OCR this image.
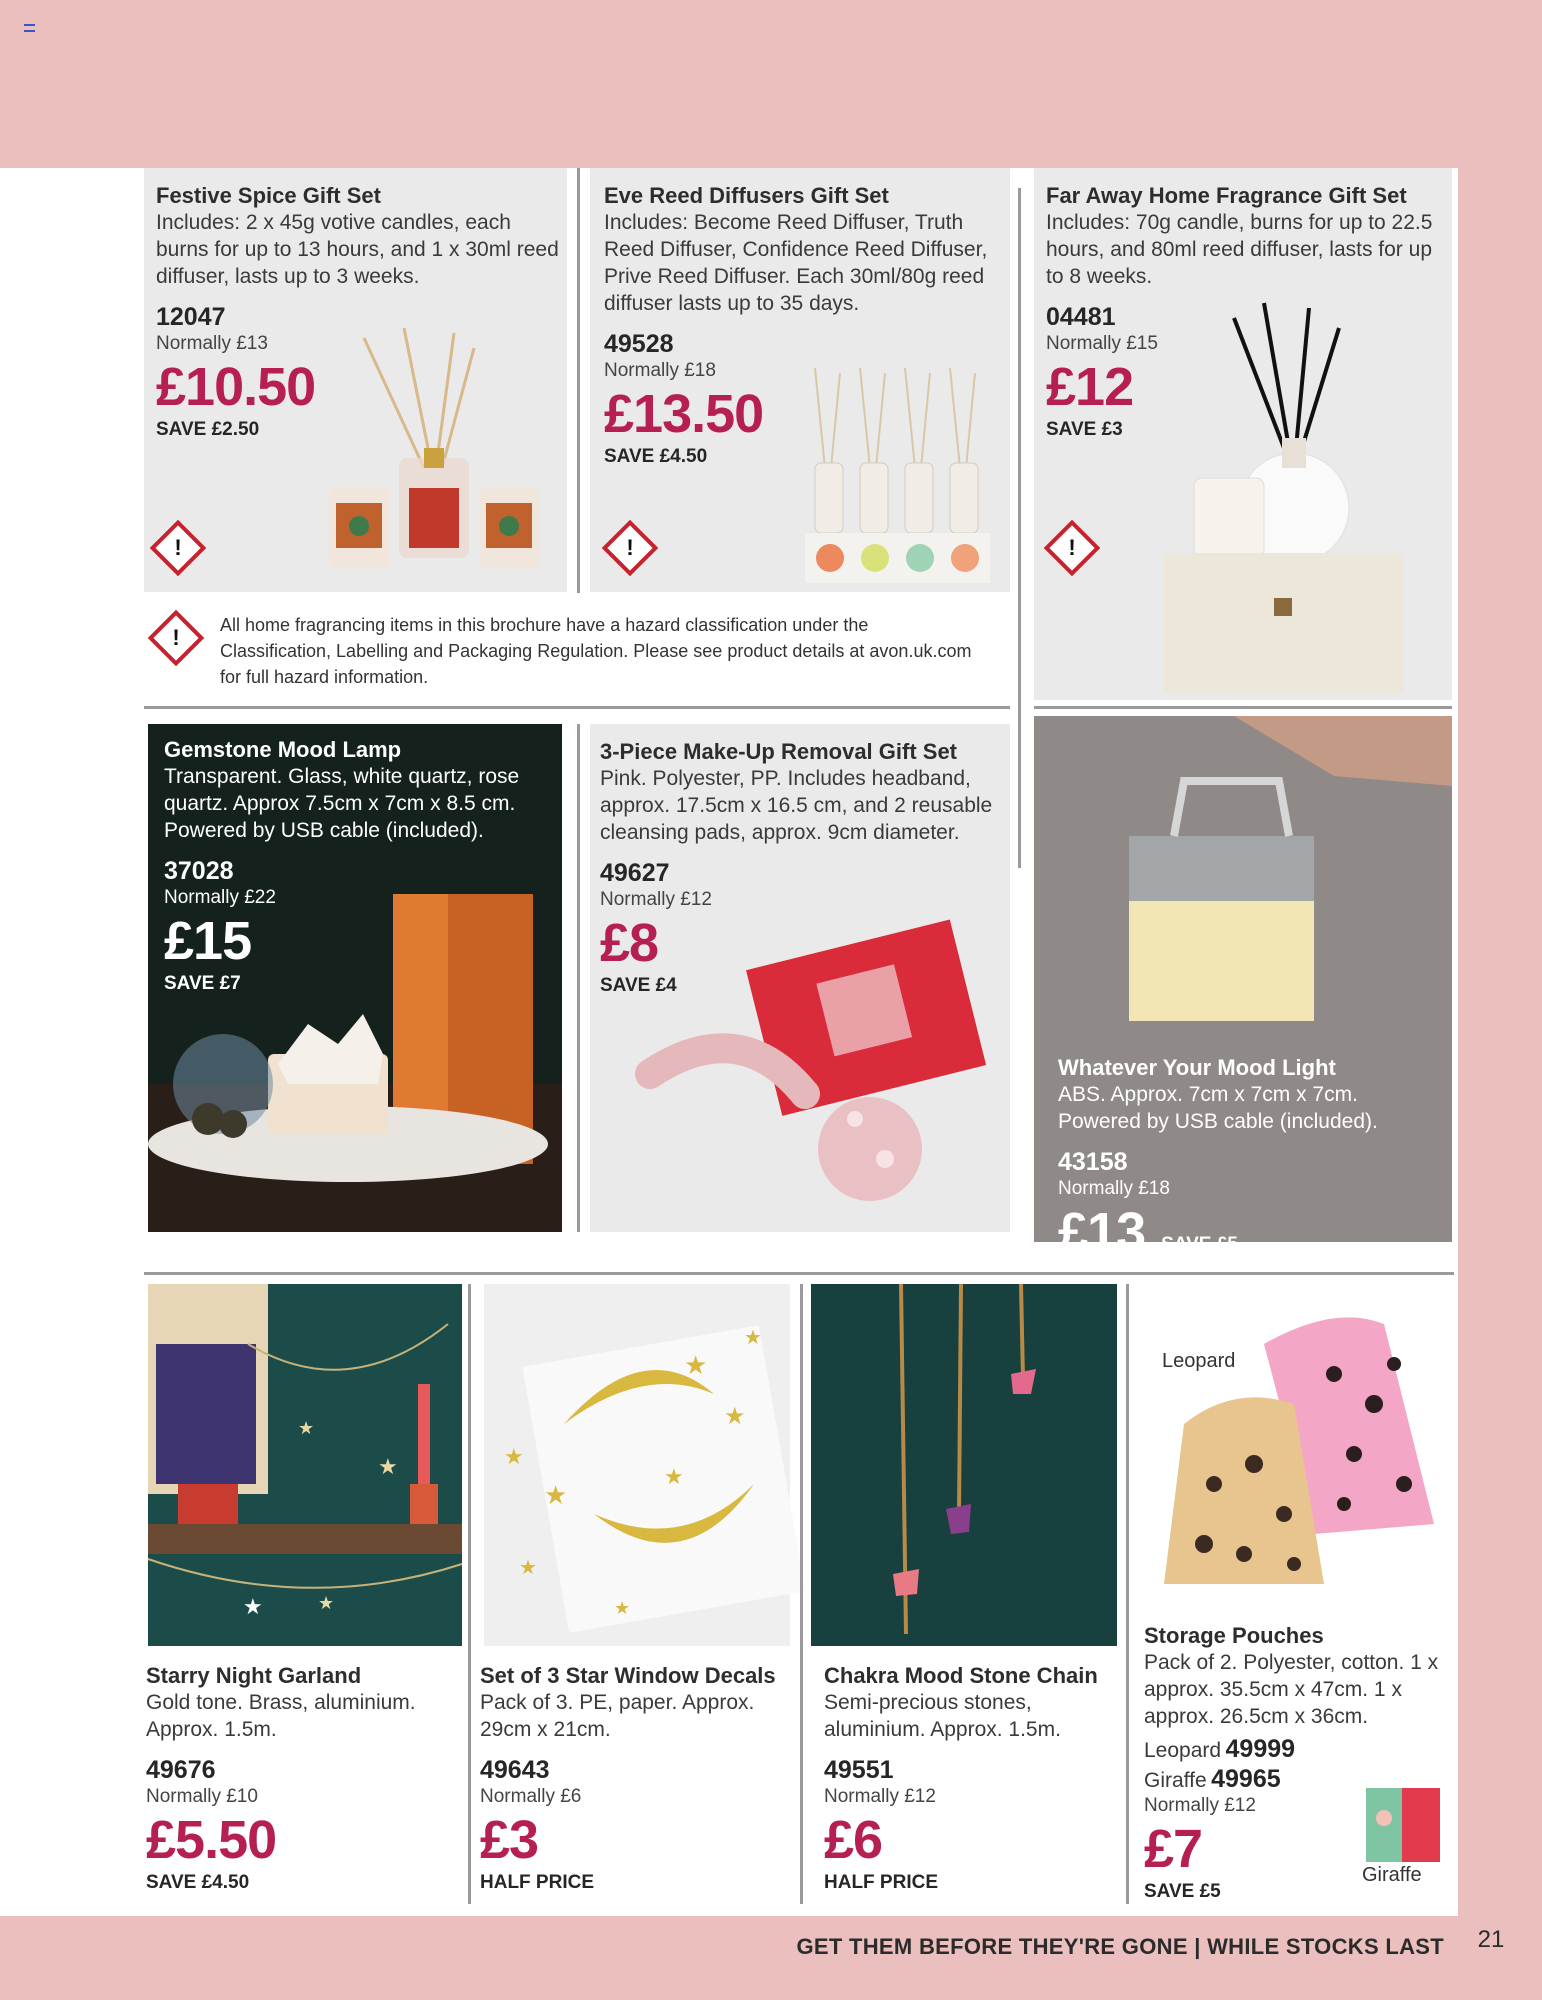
Festive Spice Gift Set
Includes: 2 x 45g votive candles, each burns for up to 13 hours, and 1 x 30ml reed diffuser, lasts up to 3 weeks.
12047
Normally £13
£10.50
SAVE £2.50
!
Eve Reed Diffusers Gift Set
Includes: Become Reed Diffuser, Truth Reed Diffuser, Confidence Reed Diffuser, Prive Reed Diffuser. Each 30ml/80g reed diffuser lasts up to 35 days.
49528
Normally £18
£13.50
SAVE £4.50
!
Far Away Home Fragrance Gift Set
Includes: 70g candle, burns for up to 22.5 hours, and 80ml reed diffuser, lasts for up to 8 weeks.
04481
Normally £15
£12
SAVE £3
!
!	All home fragrancing items in this brochure have a hazard classification under the Classification, Labelling and Packaging Regulation. Please see product details at avon.uk.com for full hazard information.
Gemstone Mood Lamp
Transparent. Glass, white quartz, rose quartz. Approx 7.5cm x 7cm x 8.5 cm. Powered by USB cable (included).
37028
Normally £22
£15
SAVE £7
3-Piece Make-Up Removal Gift Set
Pink. Polyester, PP. Includes headband, approx. 17.5cm x 16.5 cm, and 2 reusable cleansing pads, approx. 9cm diameter.
49627
Normally £12
£8
SAVE £4
Whatever Your Mood Light
ABS. Approx. 7cm x 7cm x 7cm. Powered by USB cable (included).
43158
Normally £18
£13 SAVE £5
★
★
★	★
Starry Night Garland
Gold tone. Brass, aluminium. Approx. 1.5m.
49676
Normally £10
£5.50
SAVE £4.50
★
★
★
★
★
★
★
★
Set of 3 Star Window Decals
Pack of 3. PE, paper. Approx. 29cm x 21cm.
49643
Normally £6
£3
HALF PRICE
Chakra Mood Stone Chain
Semi-precious stones, aluminium. Approx. 1.5m.
49551
Normally £12
£6
HALF PRICE
Leopard
Storage Pouches
Pack of 2. Polyester, cotton. 1 x approx. 35.5cm x 47cm. 1 x approx. 26.5cm x 36cm.
Leopard 49999
Giraffe 49965
Normally £12
£7
SAVE £5
Giraffe
GET THEM BEFORE THEY'RE GONE | WHILE STOCKS LAST	21
